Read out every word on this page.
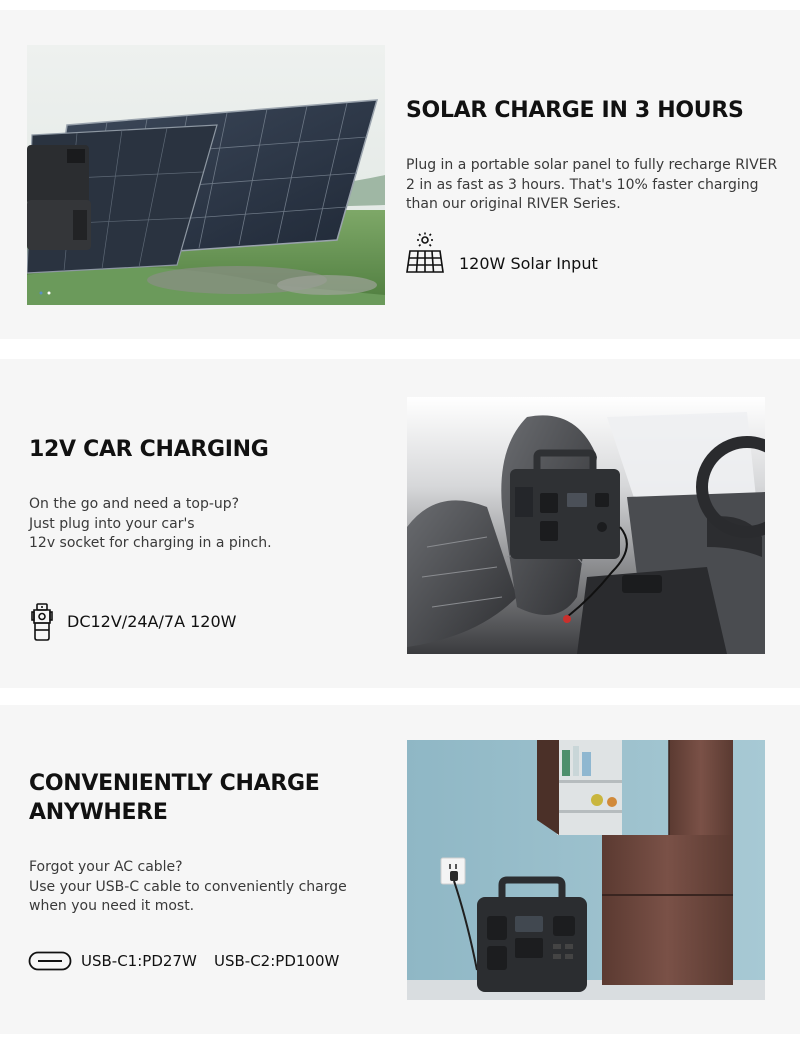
SOLAR CHARGE IN 3 HOURS

Plug in a portable solar panel to fully recharge RIVER 2 in as fast as 3 hours. That's 10% faster charging than our original RIVER Series.

120W Solar Input
12V CAR CHARGING

On the go and need a top-up?
Just plug into your car's
12v socket for charging in a pinch.

DC12V/24A/7A 120W
CONVENIENTLY CHARGE
ANYWHERE

Forgot your AC cable?
Use your USB-C cable to conveniently charge
when you need it most.

USB-C1:PD27W USB-C2:PD100W
